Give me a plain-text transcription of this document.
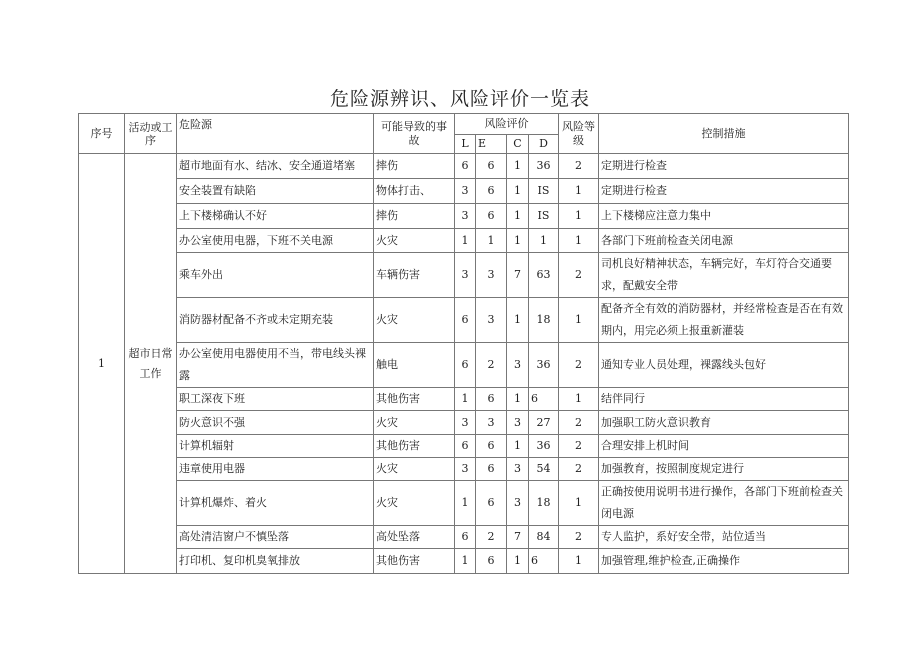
危险源辨识、风险评价一览表
序号	活动或工序	危险源	可能导致的事故	风险评价				风险等级	控制措施
				L	E	C	D		
1	超市日常工作	超市地面有水、结冰、安全通道堵塞	摔伤	6	6	1	36	2	定期进行检查
		安全装置有缺陷	物体打击、	3	6	1	IS	1	定期进行检查
		上下楼梯确认不好	摔伤	3	6	1	IS	1	上下楼梯应注意力集中
		办公室使用电器，下班不关电源	火灾	1	1	1	1	1	各部门下班前检查关闭电源
		乘车外出	车辆伤害	3	3	7	63	2	司机良好精神状态，车辆完好，车灯符合交通要求，配戴安全带
		消防器材配备不齐或未定期充装	火灾	6	3	1	18	1	配备齐全有效的消防器材，并经常检查是否在有效期内，用完必须上报重新灌装
		办公室使用电器使用不当，带电线头裸露	触电	6	2	3	36	2	通知专业人员处理，裸露线头包好
		职工深夜下班	其他伤害	1	6	1	6	1	结伴同行
		防火意识不强	火灾	3	3	3	27	2	加强职工防火意识教育
		计算机辐射	其他伤害	6	6	1	36	2	合理安排上机时间
		违章使用电器	火灾	3	6	3	54	2	加强教育，按照制度规定进行
		计算机爆炸、着火	火灾	1	6	3	18	1	正确按使用说明书进行操作，各部门下班前检查关闭电源
		高处清洁窗户不慎坠落	高处坠落	6	2	7	84	2	专人监护，系好安全带，站位适当
		打印机、复印机臭氧排放	其他伤害	1	6	1	6	1	加强管理,维护检查,正确操作
